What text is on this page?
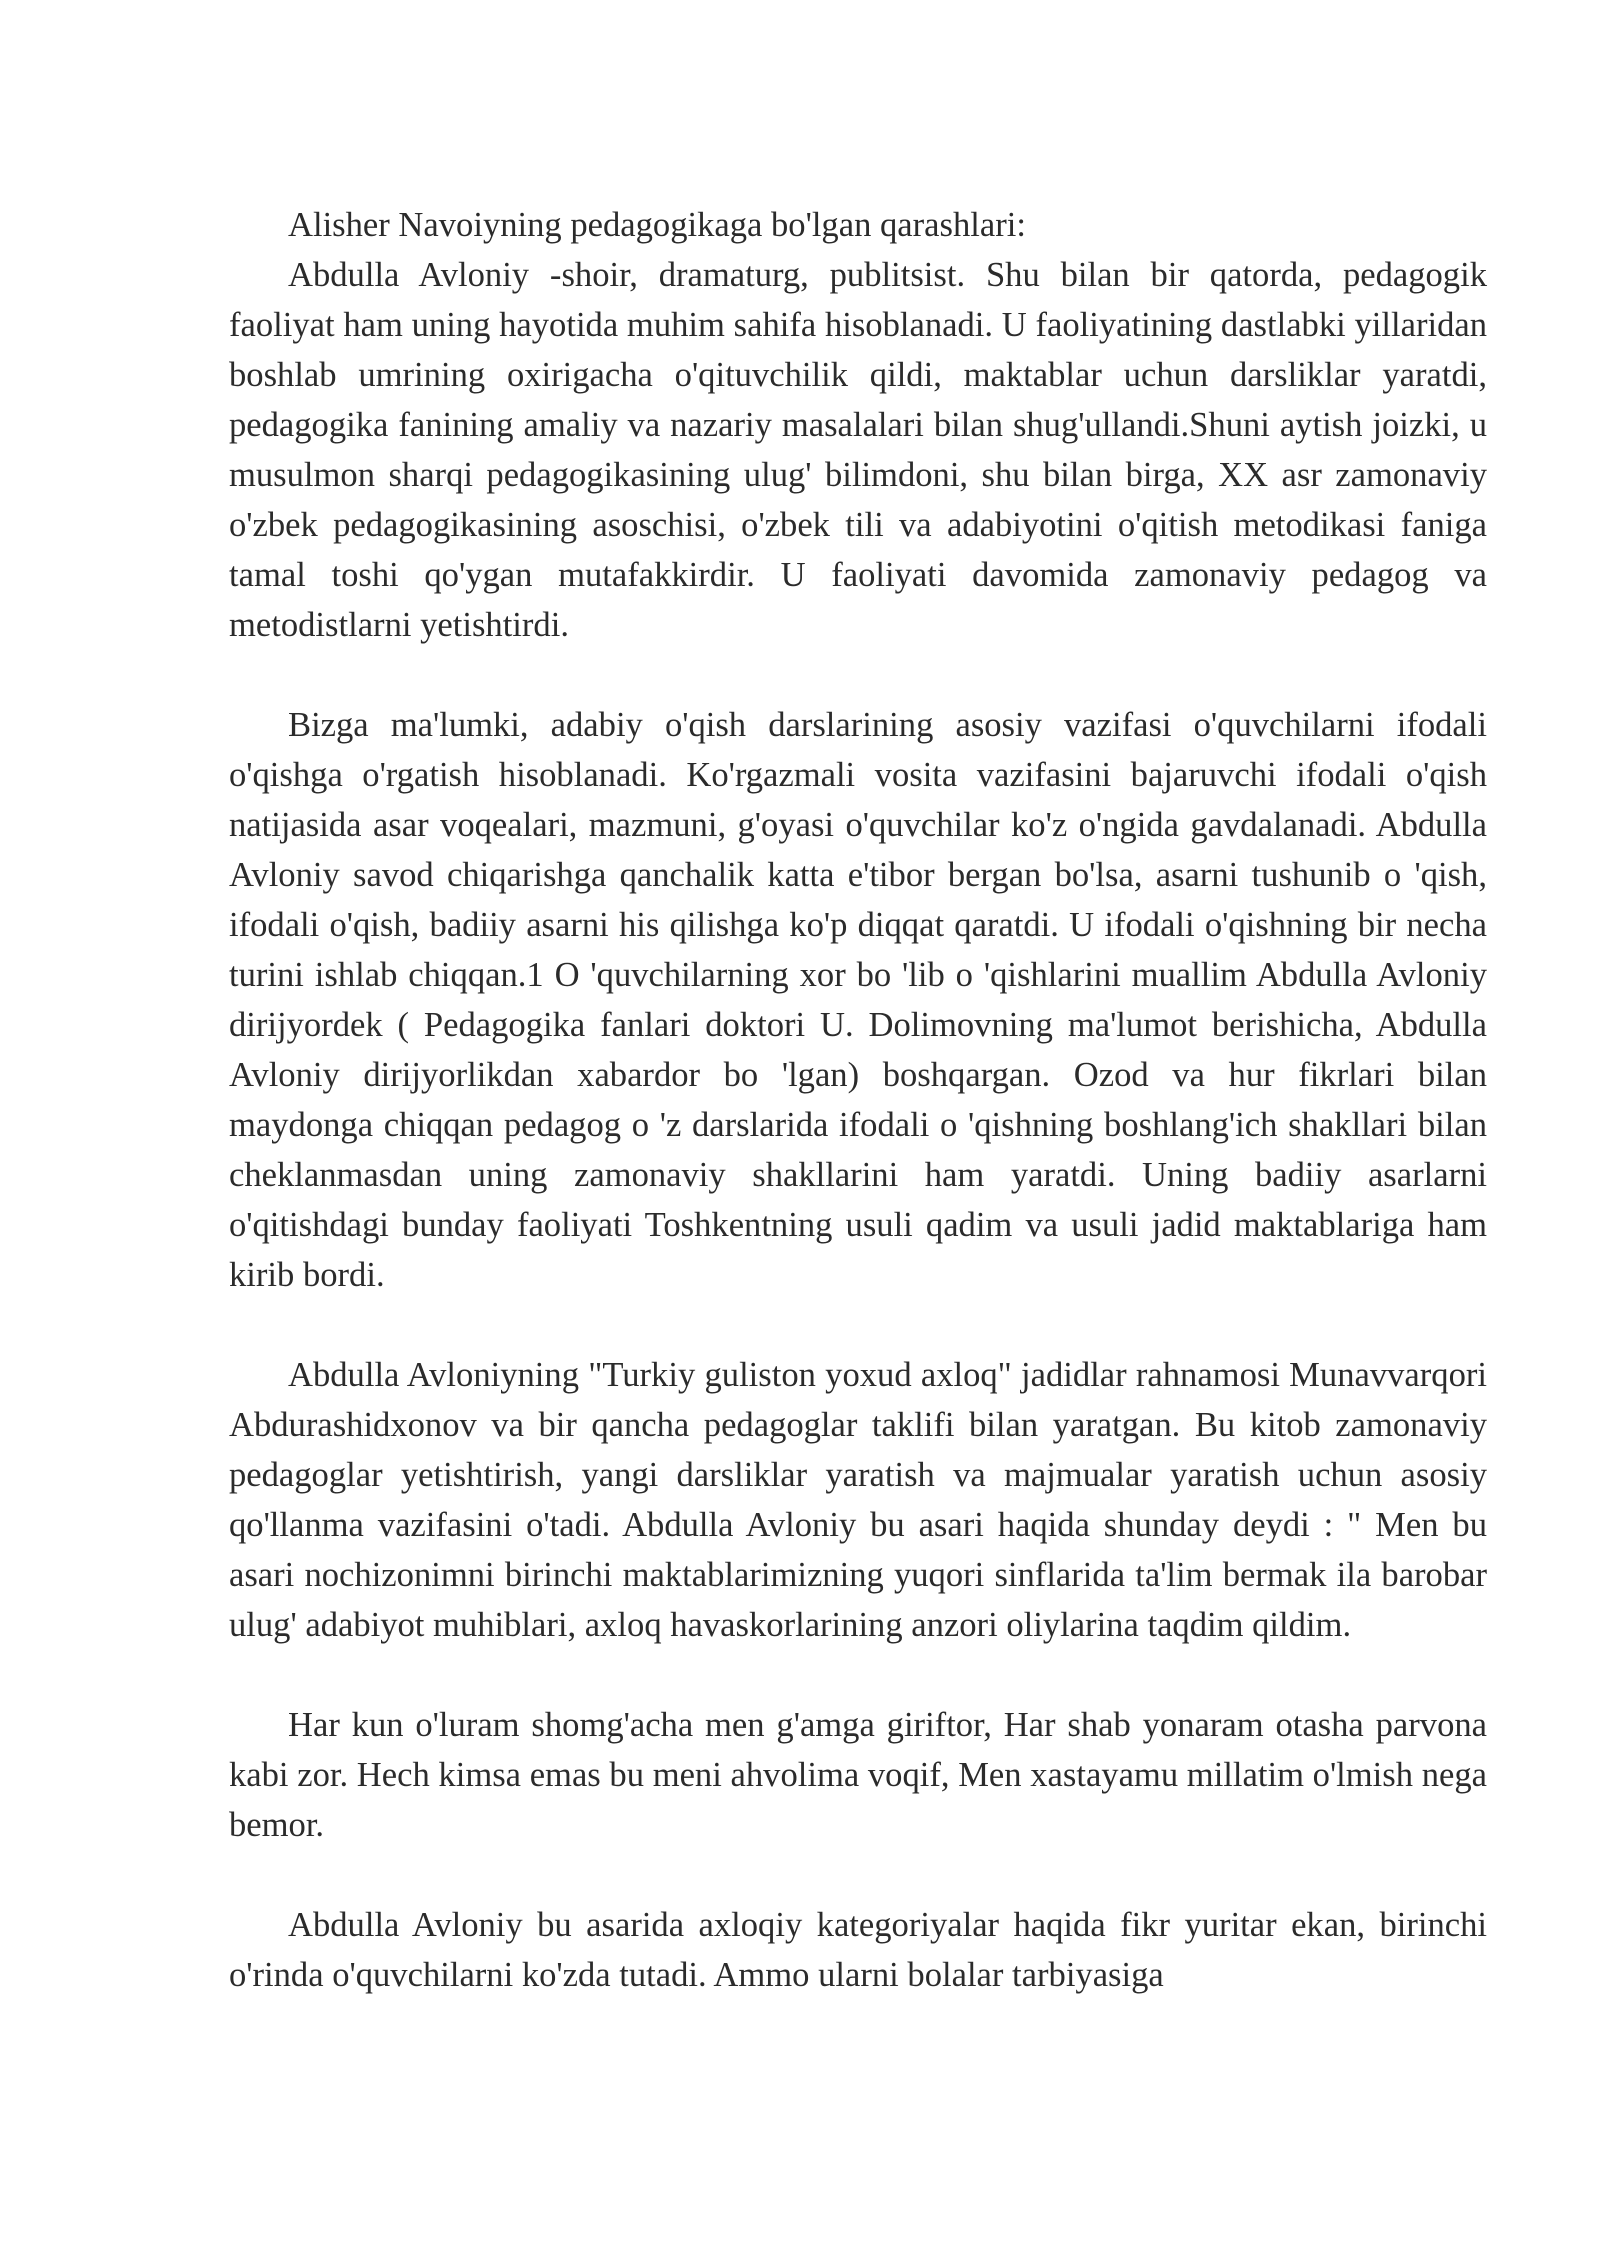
Alisher Navoiyning pedagogikaga bo'lgan qarashlari:

Abdulla Avloniy -shoir, dramaturg, publitsist. Shu bilan bir qatorda, pedagogik faoliyat ham uning hayotida muhim sahifa hisoblanadi. U faoliyatining dastlabki yillaridan boshlab umrining oxirigacha o'qituvchilik qildi, maktablar uchun darsliklar yaratdi, pedagogika fanining amaliy va nazariy masalalari bilan shug'ullandi.Shuni aytish joizki, u musulmon sharqi pedagogikasining ulug' bilimdoni, shu bilan birga, XX asr zamonaviy o'zbek pedagogikasining asoschisi, o'zbek tili va adabiyotini o'qitish metodikasi faniga tamal toshi qo'ygan mutafakkirdir. U faoliyati davomida zamonaviy pedagog va metodistlarni yetishtirdi.

Bizga ma'lumki, adabiy o'qish darslarining asosiy vazifasi o'quvchilarni ifodali o'qishga o'rgatish hisoblanadi. Ko'rgazmali vosita vazifasini bajaruvchi ifodali o'qish natijasida asar voqealari, mazmuni, g'oyasi o'quvchilar ko'z o'ngida gavdalanadi. Abdulla Avloniy savod chiqarishga qanchalik katta e'tibor bergan bo'lsa, asarni tushunib o 'qish, ifodali o'qish, badiiy asarni his qilishga ko'p diqqat qaratdi. U ifodali o'qishning bir necha turini ishlab chiqqan.1 O 'quvchilarning xor bo 'lib o 'qishlarini muallim Abdulla Avloniy dirijyordek ( Pedagogika fanlari doktori U. Dolimovning ma'lumot berishicha, Abdulla Avloniy dirijyorlikdan xabardor bo 'lgan) boshqargan. Ozod va hur fikrlari bilan maydonga chiqqan pedagog o 'z darslarida ifodali o 'qishning boshlang'ich shakllari bilan cheklanmasdan uning zamonaviy shakllarini ham yaratdi. Uning badiiy asarlarni o'qitishdagi bunday faoliyati Toshkentning usuli qadim va usuli jadid maktablariga ham kirib bordi.

Abdulla Avloniyning "Turkiy guliston yoxud axloq" jadidlar rahnamosi Munavvarqori Abdurashidxonov va bir qancha pedagoglar taklifi bilan yaratgan. Bu kitob zamonaviy pedagoglar yetishtirish, yangi darsliklar yaratish va majmualar yaratish uchun asosiy qo'llanma vazifasini o'tadi. Abdulla Avloniy bu asari haqida shunday deydi : " Men bu asari nochizonimni birinchi maktablarimizning yuqori sinflarida ta'lim bermak ila barobar ulug' adabiyot muhiblari, axloq havaskorlarining anzori oliylarina taqdim qildim.

Har kun o'luram shomg'acha men g'amga giriftor, Har shab yonaram otasha parvona kabi zor. Hech kimsa emas bu meni ahvolima voqif, Men xastayamu millatim o'lmish nega bemor.

Abdulla Avloniy bu asarida axloqiy kategoriyalar haqida fikr yuritar ekan, birinchi o'rinda o'quvchilarni ko'zda tutadi. Ammo ularni bolalar tarbiyasiga
